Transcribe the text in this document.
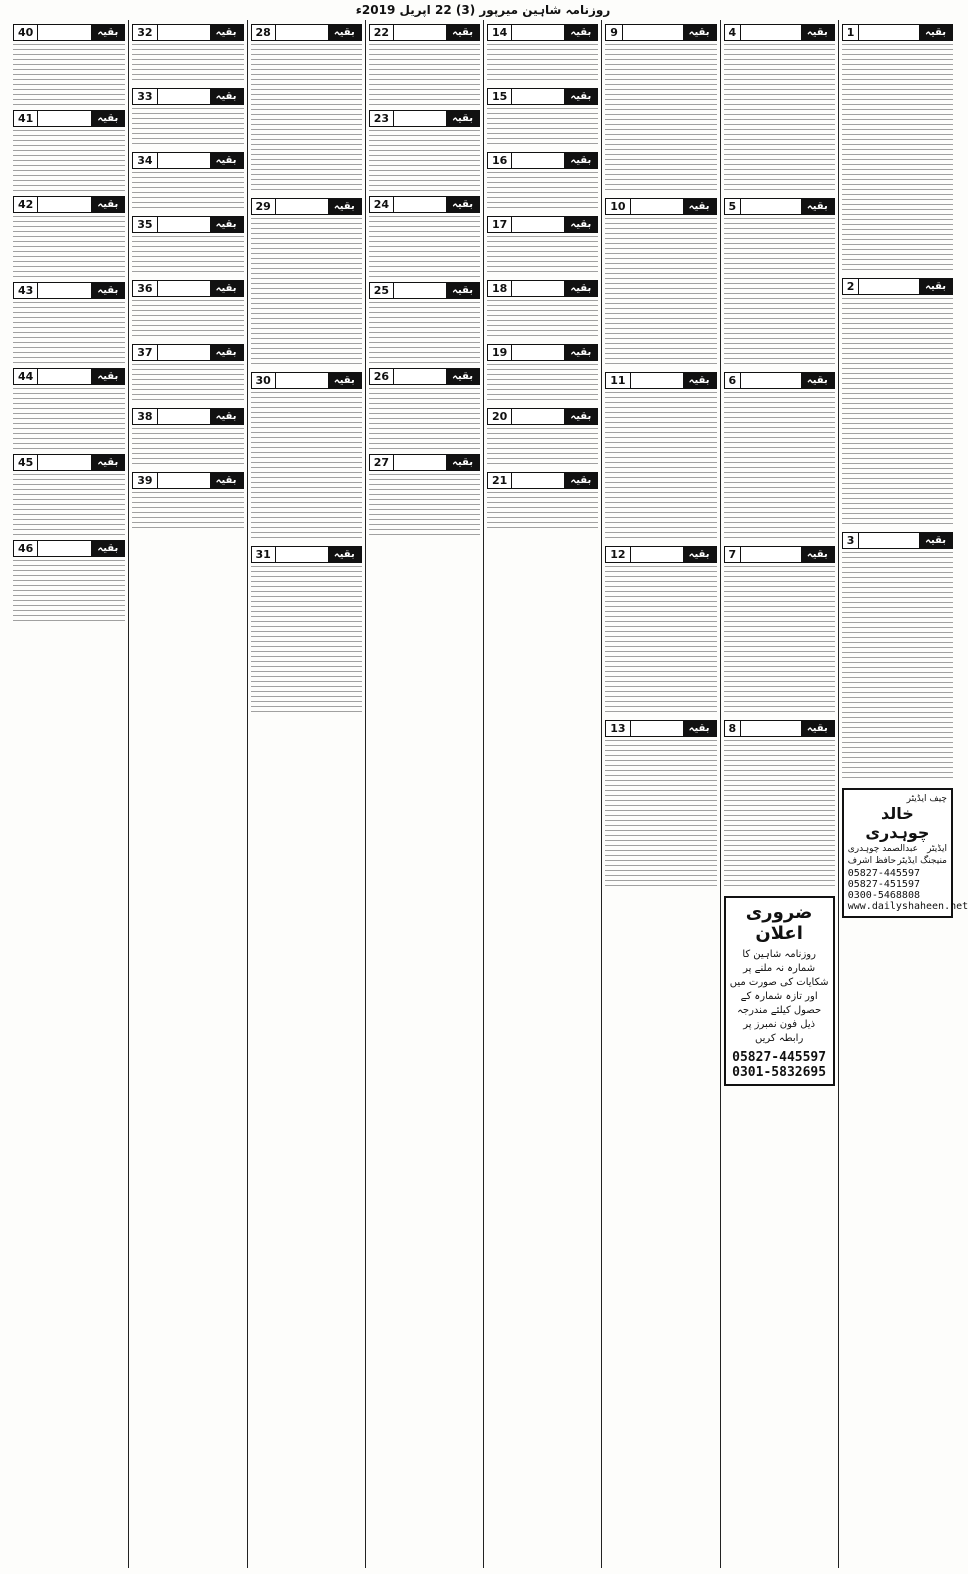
روزنامہ شاہین میرپور (3) 22 اپریل 2019ء
بقیہ
1
بقیہ
2
بقیہ
3
چیف ایڈیٹر
خالد چوہدری
ایڈیٹر
عبدالصمد چوہدری
منیجنگ ایڈیٹر
حافظ اشرف
05827-445597
05827-451597
0300-5468808
www.dailyshaheen.net
بقیہ
4
بقیہ
5
بقیہ
6
بقیہ
7
بقیہ
8
ضروری اعلان
روزنامہ شاہین کا شمارہ نہ ملنے پر شکایات کی صورت میں اور تازہ شمارہ کے حصول کیلئے مندرجہ ذیل فون نمبرز پر رابطہ کریں
05827-445597 0301-5832695
بقیہ
9
بقیہ
10
بقیہ
11
بقیہ
12
بقیہ
13
بقیہ
14
بقیہ
15
بقیہ
16
بقیہ
17
بقیہ
18
بقیہ
19
بقیہ
20
بقیہ
21
بقیہ
22
بقیہ
23
بقیہ
24
بقیہ
25
بقیہ
26
بقیہ
27
بقیہ
28
بقیہ
29
بقیہ
30
بقیہ
31
بقیہ
32
بقیہ
33
بقیہ
34
بقیہ
35
بقیہ
36
بقیہ
37
بقیہ
38
بقیہ
39
بقیہ
40
بقیہ
41
بقیہ
42
بقیہ
43
بقیہ
44
بقیہ
45
بقیہ
46
